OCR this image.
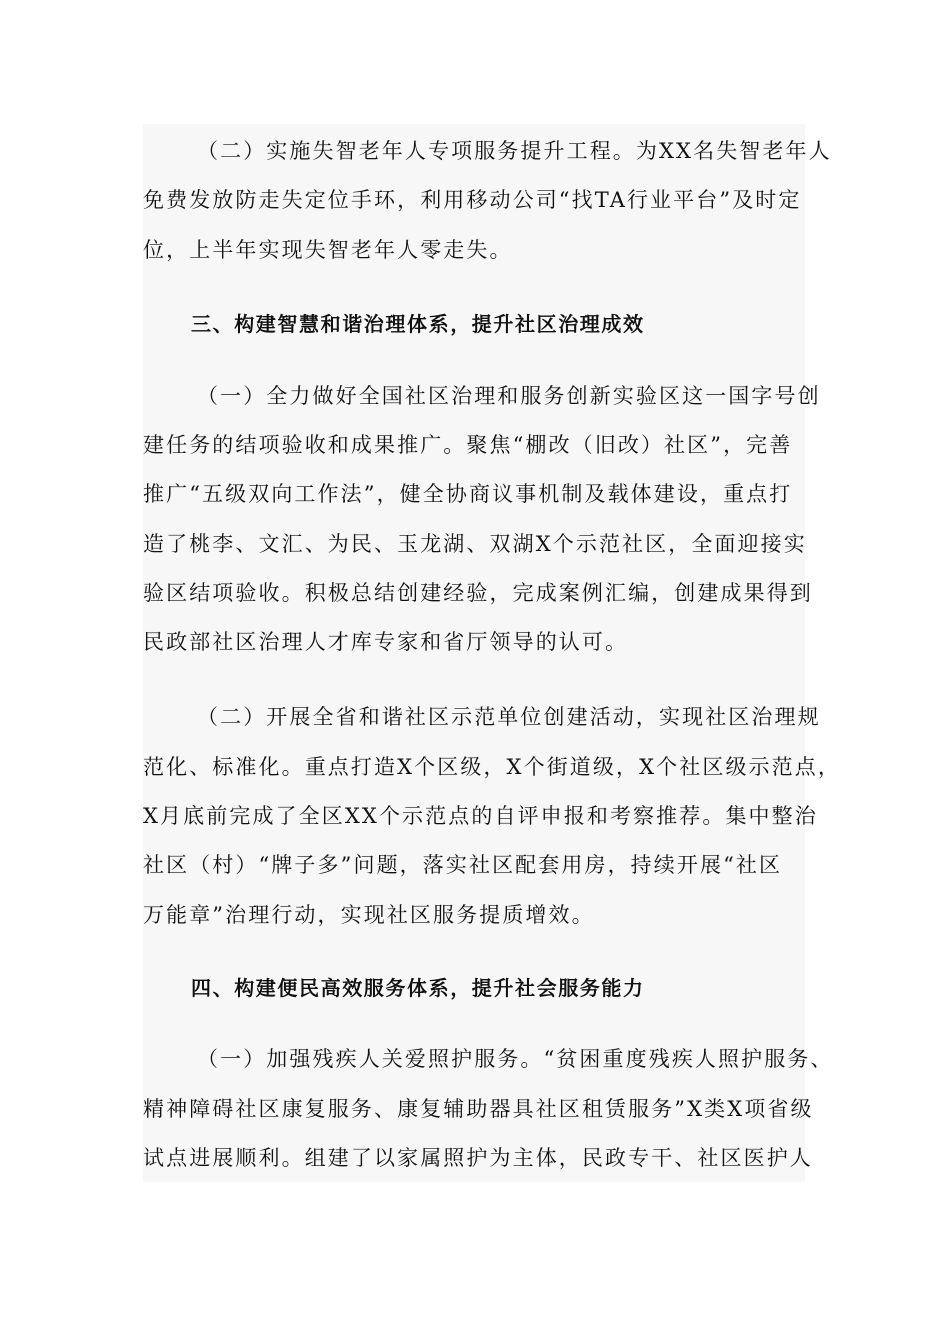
（二）实施失智老年人专项服务提升工程。为XX名失智老年人
免费发放防走失定位手环，利用移动公司“找TA行业平台”及时定
位，上半年实现失智老年人零走失。
三、构建智慧和谐治理体系，提升社区治理成效
（一）全力做好全国社区治理和服务创新实验区这一国字号创
建任务的结项验收和成果推广。聚焦“棚改（旧改）社区”，完善
推广“五级双向工作法”，健全协商议事机制及载体建设，重点打
造了桃李、文汇、为民、玉龙湖、双湖X个示范社区，全面迎接实
验区结项验收。积极总结创建经验，完成案例汇编，创建成果得到
民政部社区治理人才库专家和省厅领导的认可。
（二）开展全省和谐社区示范单位创建活动，实现社区治理规
范化、标准化。重点打造X个区级，X个街道级，X个社区级示范点，
X月底前完成了全区XX个示范点的自评申报和考察推荐。集中整治
社区（村）“牌子多”问题，落实社区配套用房，持续开展“社区
万能章”治理行动，实现社区服务提质增效。
四、构建便民高效服务体系，提升社会服务能力
（一）加强残疾人关爱照护服务。“贫困重度残疾人照护服务、
精神障碍社区康复服务、康复辅助器具社区租赁服务”X类X项省级
试点进展顺利。组建了以家属照护为主体，民政专干、社区医护人
